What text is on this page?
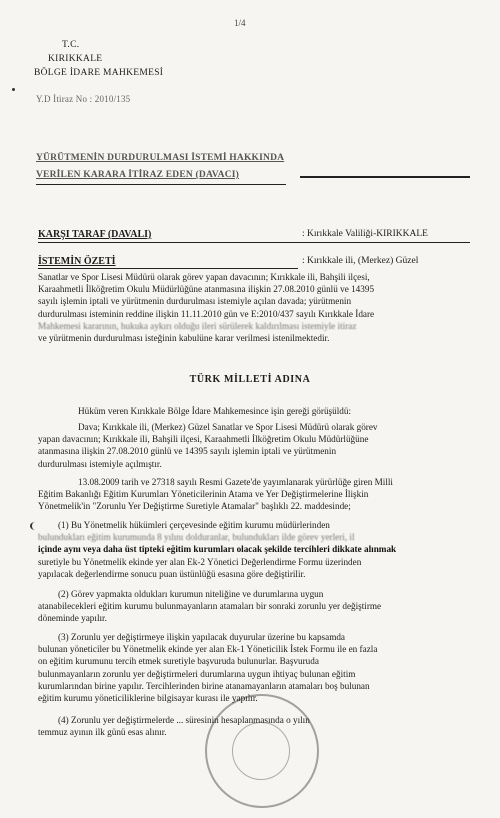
1/4
T.C.
KIRIKKALE
BÖLGE İDARE MAHKEMESİ
Y.D İtiraz No : 2010/135
YÜRÜTMENİN DURDURULMASI İSTEMİ HAKKINDA
VERİLEN KARARA İTİRAZ EDEN (DAVACI)
KARŞI TARAF (DAVALI)	: Kırıkkale Valiliği-KIRIKKALE
İSTEMİN ÖZETİ	: Kırıkkale ili, (Merkez) Güzel
Sanatlar ve Spor Lisesi Müdürü olarak görev yapan davacının; Kırıkkale ili, Bahşili ilçesi,
Karaahmetli İlköğretim Okulu Müdürlüğüne atanmasına ilişkin 27.08.2010 günlü ve 14395
sayılı işlemin iptali ve yürütmenin durdurulması istemiyle açılan davada; yürütmenin
durdurulması isteminin reddine ilişkin 11.11.2010 gün ve E:2010/437 sayılı Kırıkkale İdare
Mahkemesi kararının, hukuka aykırı olduğu ileri sürülerek kaldırılması istemiyle itiraz
ve yürütmenin durdurulması isteğinin kabulüne karar verilmesi istenilmektedir.
TÜRK MİLLETİ ADINA
Hüküm veren Kırıkkale Bölge İdare Mahkemesince işin gereği görüşüldü:
Dava; Kırıkkale ili, (Merkez) Güzel Sanatlar ve Spor Lisesi Müdürü olarak görev
yapan davacının; Kırıkkale ili, Bahşili ilçesi, Karaahmetli İlköğretim Okulu Müdürlüğüne
atanmasına ilişkin 27.08.2010 günlü ve 14395 sayılı işlemin iptali ve yürütmenin
durdurulması istemiyle açılmıştır.
13.08.2009 tarih ve 27318 sayılı Resmi Gazete'de yayımlanarak yürürlüğe giren Milli
Eğitim Bakanlığı Eğitim Kurumları Yöneticilerinin Atama ve Yer Değiştirmelerine İlişkin
Yönetmelik'in "Zorunlu Yer Değiştirme Suretiyle Atamalar" başlıklı 22. maddesinde;
(1) Bu Yönetmelik hükümleri çerçevesinde eğitim kurumu müdürlerinden
bulundukları eğitim kurumunda 8 yılını dolduranlar, bulundukları ilde görev yerleri, il
içinde aynı veya daha üst tipteki eğitim kurumları olacak şekilde tercihleri dikkate alınmak
suretiyle bu Yönetmelik ekinde yer alan Ek-2 Yönetici Değerlendirme Formu üzerinden
yapılacak değerlendirme sonucu puan üstünlüğü esasına göre değiştirilir.
(2) Görev yapmakta oldukları kurumun niteliğine ve durumlarına uygun
atanabilecekleri eğitim kurumu bulunmayanların atamaları bir sonraki zorunlu yer değiştirme
döneminde yapılır.
(3) Zorunlu yer değiştirmeye ilişkin yapılacak duyurular üzerine bu kapsamda
bulunan yöneticiler bu Yönetmelik ekinde yer alan Ek-1 Yöneticilik İstek Formu ile en fazla
on eğitim kurumunu tercih etmek suretiyle başvuruda bulunurlar. Başvuruda
bulunmayanların zorunlu yer değiştirmeleri durumlarına uygun ihtiyaç bulunan eğitim
kurumlarından birine yapılır. Tercihlerinden birine atanamayanların atamaları boş bulunan
eğitim kurumu yöneticiliklerine bilgisayar kurası ile yapılır.
(4) Zorunlu yer değiştirmelerde ... süresinin hesaplanmasında o yılın
temmuz ayının ilk günü esas alınır.
